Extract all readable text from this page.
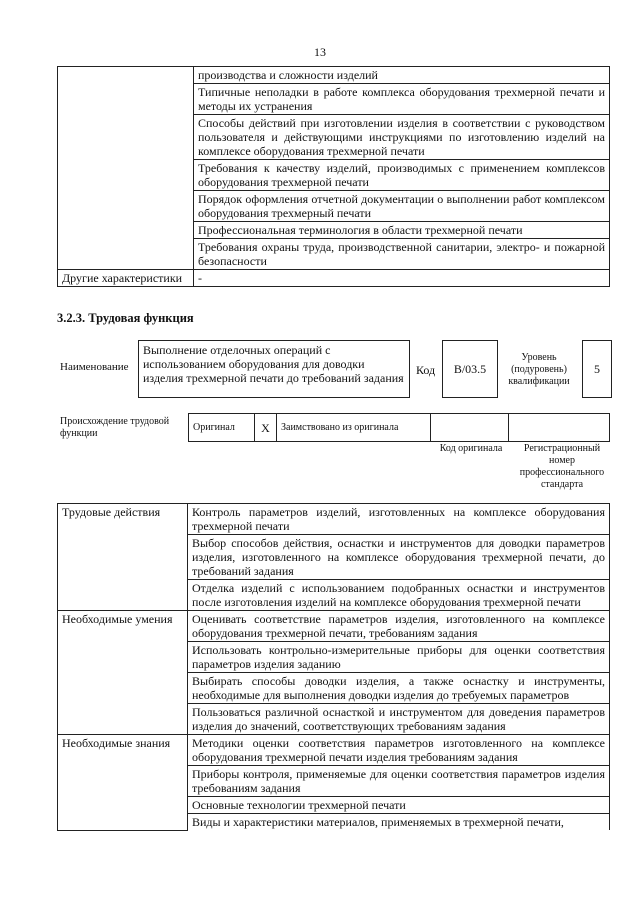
13
	производства и сложности изделий
	Типичные неполадки в работе комплекса оборудования трехмерной печати и методы их устранения
	Способы действий при изготовлении изделия в соответствии с руководством пользователя и действующими инструкциями по изготовлению изделий на комплексе оборудования трехмерной печати
	Требования к качеству изделий, производимых с применением комплексов оборудования трехмерной печати
	Порядок оформления отчетной документации о выполнении работ комплексом оборудования трехмерный печати
	Профессиональная терминология в области трехмерной печати
	Требования охраны труда, производственной санитарии, электро- и пожарной безопасности
Другие характеристики	-
3.2.3. Трудовая функция
Наименование
Выполнение отделочных операций с использованием оборудования для доводки изделия трехмерной печати до требований задания
Код	B/03.5
Уровень (подуровень) квалификации
5
Происхождение трудовой функции
Оригинал	X	Заимствовано из оригинала		
Код оригинала	Регистрационный номер профессионального стандарта
Трудовые действия	Контроль параметров изделий, изготовленных на комплексе оборудования трехмерной печати
	Выбор способов действия, оснастки и инструментов для доводки параметров изделия, изготовленного на комплексе оборудования трехмерной печати, до требований задания
	Отделка изделий с использованием подобранных оснастки и инструментов после изготовления изделий на комплексе оборудования трехмерной печати
Необходимые умения	Оценивать соответствие параметров изделия, изготовленного на комплексе оборудования трехмерной печати, требованиям задания
	Использовать контрольно-измерительные приборы для оценки соответствия параметров изделия заданию
	Выбирать способы доводки изделия, а также оснастку и инструменты, необходимые для выполнения доводки изделия до требуемых параметров
	Пользоваться различной оснасткой и инструментом для доведения параметров изделия до значений, соответствующих требованиям задания
Необходимые знания	Методики оценки соответствия параметров изготовленного на комплексе оборудования трехмерной печати изделия требованиям задания
	Приборы контроля, применяемые для оценки соответствия параметров изделия требованиям задания
	Основные технологии трехмерной печати
	Виды и характеристики материалов, применяемых в трехмерной печати,
